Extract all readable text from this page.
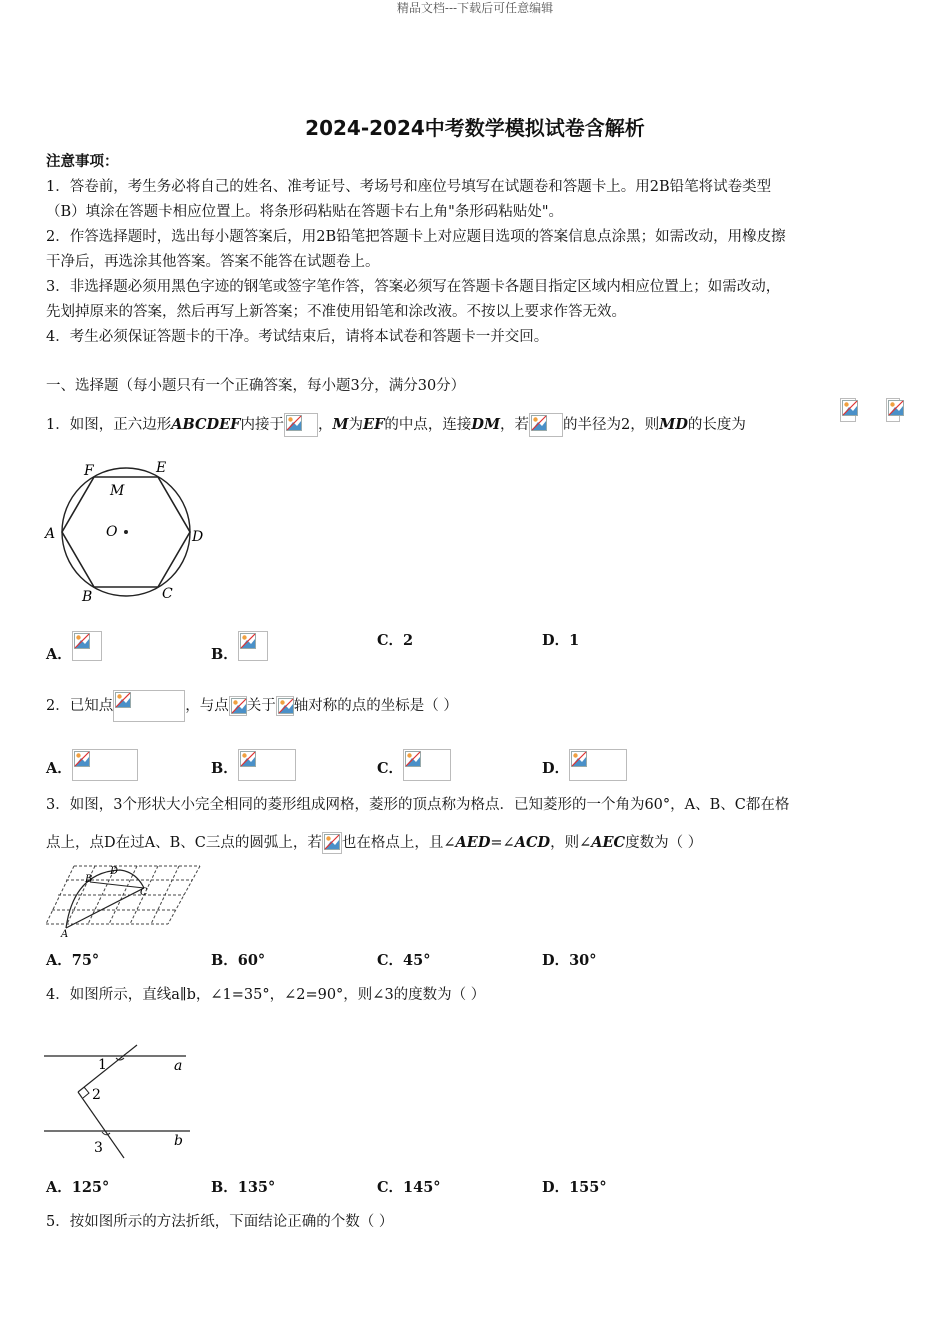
精品文档---下载后可任意编辑
2024-2024中考数学模拟试卷含解析
注意事项：
1．答卷前，考生务必将自己的姓名、准考证号、考场号和座位号填写在试题卷和答题卡上。用2B铅笔将试卷类型
（B）填涂在答题卡相应位置上。将条形码粘贴在答题卡右上角"条形码粘贴处"。
2．作答选择题时，选出每小题答案后，用2B铅笔把答题卡上对应题目选项的答案信息点涂黑；如需改动，用橡皮擦
干净后，再选涂其他答案。答案不能答在试题卷上。
3．非选择题必须用黑色字迹的钢笔或签字笔作答，答案必须写在答题卡各题目指定区域内相应位置上；如需改动，
先划掉原来的答案，然后再写上新答案；不准使用铅笔和涂改液。不按以上要求作答无效。
4．考生必须保证答题卡的干净。考试结束后，请将本试卷和答题卡一并交回。
一、选择题（每小题只有一个正确答案，每小题3分，满分30分）
1．如图，正六边形ABCDEF内接于 ，M为EF的中点，连接DM，若 的半径为2，则MD的长度为
F	E
M
A	O	D
B	C
A．	B．
C．2	D．1
2．已知点	，与点 关于 轴对称的点的坐标是（ ）
A．	B．	C．	D．
3．如图，3个形状大小完全相同的菱形组成网格，菱形的顶点称为格点．已知菱形的一个角为60°，A、B、C都在格
点上，点D在过A、B、C三点的圆弧上，若 也在格点上，且∠AED=∠ACD，则∠AEC度数为（ ）
B
D
C
A
A．75°	B．60°	C．45°	D．30°
4．如图所示，直线a∥b，∠1=35°，∠2=90°，则∠3的度数为（ ）
1
2
3
a
b
A．125°	B．135°	C．145°	D．155°
5．按如图所示的方法折纸，下面结论正确的个数（ ）
